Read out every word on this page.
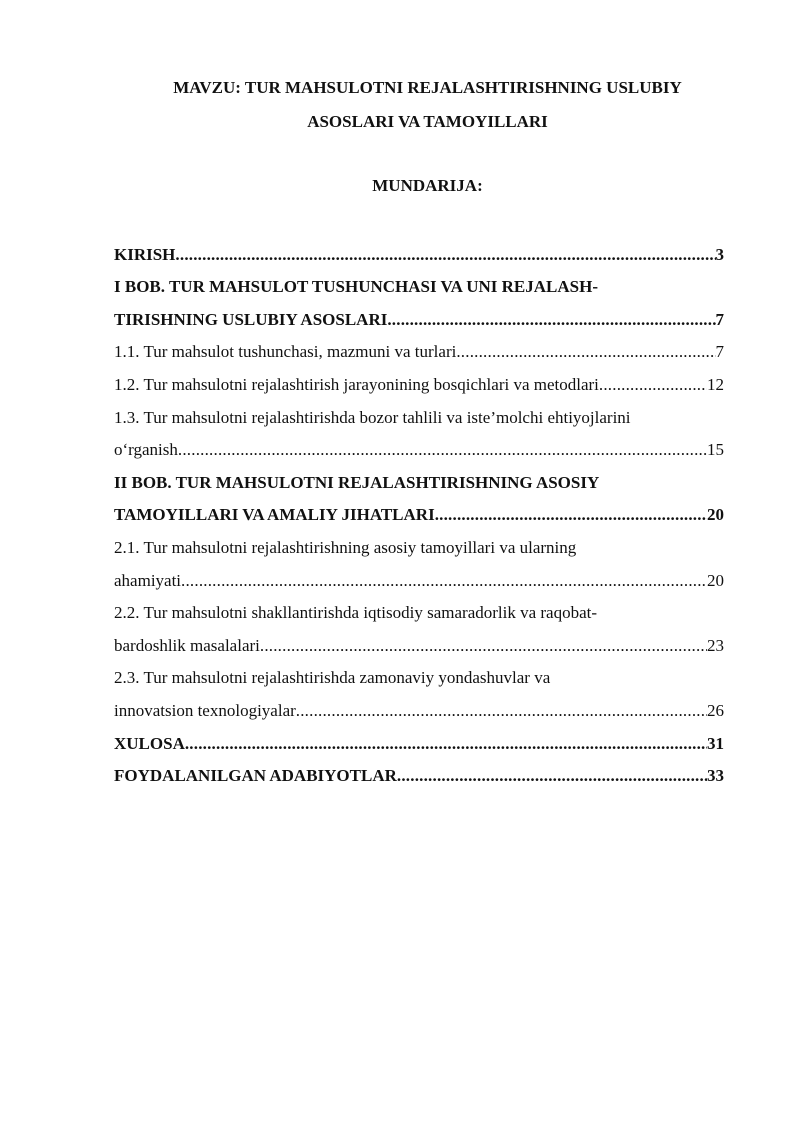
MAVZU: TUR MAHSULOTNI REJALASHTIRISHNING USLUBIY
ASOSLARI VA TAMOYILLARI
MUNDARIJA:
KIRISH .....	3
I BOB. TUR MAHSULOT TUSHUNCHASI VA UNI REJALASH-
TIRISHNING USLUBIY ASOSLARI .....	7
1.1. Tur mahsulot tushunchasi, mazmuni va turlari .....	7
1.2. Tur mahsulotni rejalashtirish jarayonining bosqichlari va metodlari .....	12
1.3. Tur mahsulotni rejalashtirishda bozor tahlili va iste’molchi ehtiyojlarini
o‘rganish .....	15
II BOB. TUR MAHSULOTNI REJALASHTIRISHNING ASOSIY
TAMOYILLARI VA AMALIY JIHATLARI .....	20
2.1. Tur mahsulotni rejalashtirishning asosiy tamoyillari va ularning
ahamiyati .....	20
2.2. Tur mahsulotni shakllantirishda iqtisodiy samaradorlik va raqobat-
bardoshlik masalalari .....	23
2.3. Tur mahsulotni rejalashtirishda zamonaviy yondashuvlar va
innovatsion texnologiyalar .....	26
XULOSA .....	31
FOYDALANILGAN ADABIYOTLAR .....	33
